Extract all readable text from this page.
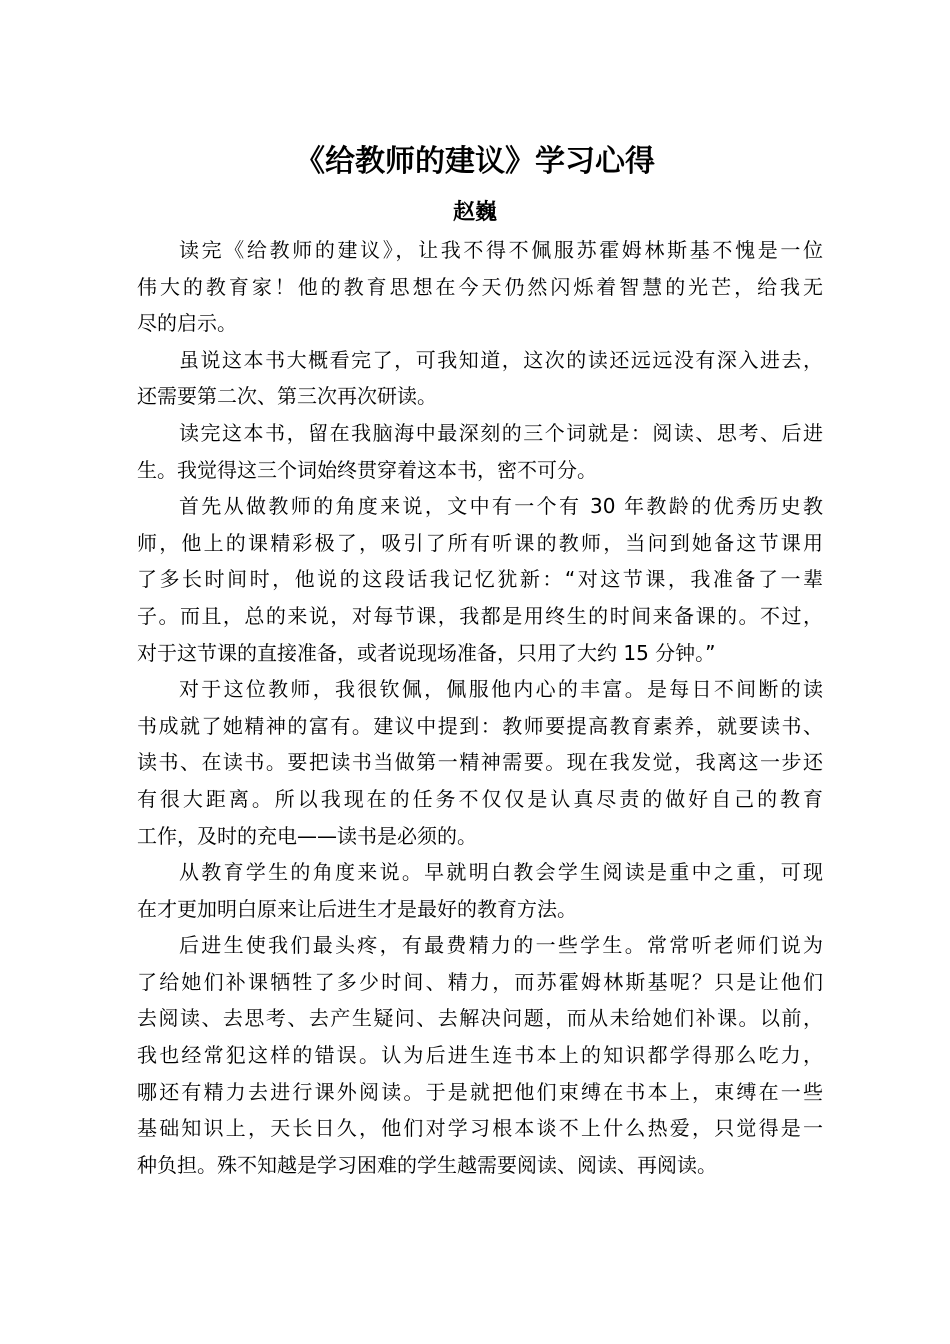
《给教师的建议》学习心得
赵巍
读完《给教师的建议》，让我不得不佩服苏霍姆林斯基不愧是一位
伟大的教育家！他的教育思想在今天仍然闪烁着智慧的光芒，给我无
尽的启示。
虽说这本书大概看完了，可我知道，这次的读还远远没有深入进去，
还需要第二次、第三次再次研读。
读完这本书，留在我脑海中最深刻的三个词就是：阅读、思考、后进
生。我觉得这三个词始终贯穿着这本书，密不可分。
首先从做教师的角度来说，文中有一个有 30 年教龄的优秀历史教
师，他上的课精彩极了，吸引了所有听课的教师，当问到她备这节课用
了多长时间时，他说的这段话我记忆犹新：“对这节课，我准备了一辈
子。而且，总的来说，对每节课，我都是用终生的时间来备课的。不过，
对于这节课的直接准备，或者说现场准备，只用了大约 15 分钟。”
对于这位教师，我很钦佩，佩服他内心的丰富。是每日不间断的读
书成就了她精神的富有。建议中提到：教师要提高教育素养，就要读书、
读书、在读书。要把读书当做第一精神需要。现在我发觉，我离这一步还
有很大距离。所以我现在的任务不仅仅是认真尽责的做好自己的教育
工作，及时的充电——读书是必须的。
从教育学生的角度来说。早就明白教会学生阅读是重中之重，可现
在才更加明白原来让后进生才是最好的教育方法。
后进生使我们最头疼，有最费精力的一些学生。常常听老师们说为
了给她们补课牺牲了多少时间、精力，而苏霍姆林斯基呢？只是让他们
去阅读、去思考、去产生疑问、去解决问题，而从未给她们补课。以前，
我也经常犯这样的错误。认为后进生连书本上的知识都学得那么吃力，
哪还有精力去进行课外阅读。于是就把他们束缚在书本上，束缚在一些
基础知识上，天长日久，他们对学习根本谈不上什么热爱，只觉得是一
种负担。殊不知越是学习困难的学生越需要阅读、阅读、再阅读。
